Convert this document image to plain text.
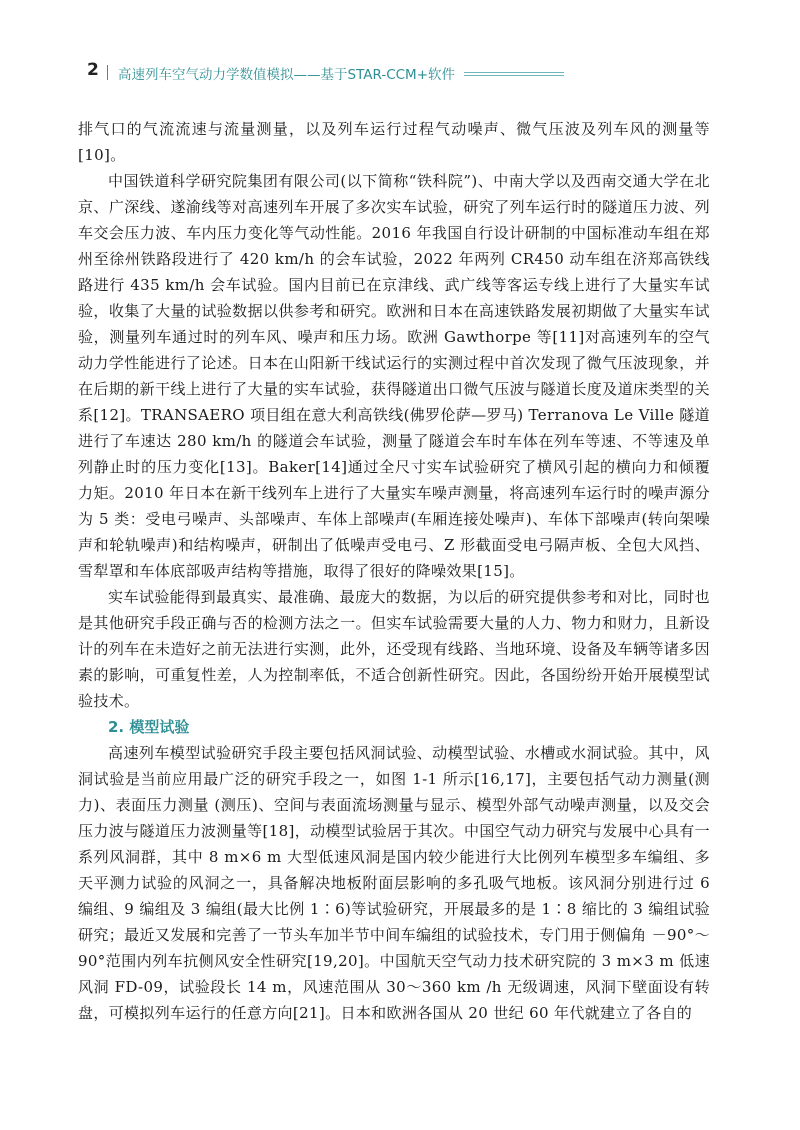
2 高速列车空气动力学数值模拟——基于STAR-CCM+软件

排气口的气流流速与流量测量，以及列车运行过程气动噪声、微气压波及列车风的测量等[10]。

中国铁道科学研究院集团有限公司(以下简称“铁科院”)、中南大学以及西南交通大学在北京、广深线、遂渝线等对高速列车开展了多次实车试验，研究了列车运行时的隧道压力波、列车交会压力波、车内压力变化等气动性能。2016 年我国自行设计研制的中国标准动车组在郑州至徐州铁路段进行了 420 km/h 的会车试验，2022 年两列 CR450 动车组在济郑高铁线路进行 435 km/h 会车试验。国内目前已在京津线、武广线等客运专线上进行了大量实车试验，收集了大量的试验数据以供参考和研究。欧洲和日本在高速铁路发展初期做了大量实车试验，测量列车通过时的列车风、噪声和压力场。欧洲 Gawthorpe 等[11]对高速列车的空气动力学性能进行了论述。日本在山阳新干线试运行的实测过程中首次发现了微气压波现象，并在后期的新干线上进行了大量的实车试验，获得隧道出口微气压波与隧道长度及道床类型的关系[12]。TRANSAERO 项目组在意大利高铁线(佛罗伦萨—罗马) Terranova Le Ville 隧道进行了车速达 280 km/h 的隧道会车试验，测量了隧道会车时车体在列车等速、不等速及单列静止时的压力变化[13]。Baker[14]通过全尺寸实车试验研究了横风引起的横向力和倾覆力矩。2010 年日本在新干线列车上进行了大量实车噪声测量，将高速列车运行时的噪声源分为 5 类：受电弓噪声、头部噪声、车体上部噪声(车厢连接处噪声)、车体下部噪声(转向架噪声和轮轨噪声)和结构噪声，研制出了低噪声受电弓、Z 形截面受电弓隔声板、全包大风挡、雪犁罩和车体底部吸声结构等措施，取得了很好的降噪效果[15]。

实车试验能得到最真实、最准确、最庞大的数据，为以后的研究提供参考和对比，同时也是其他研究手段正确与否的检测方法之一。但实车试验需要大量的人力、物力和财力，且新设计的列车在未造好之前无法进行实测，此外，还受现有线路、当地环境、设备及车辆等诸多因素的影响，可重复性差，人为控制率低，不适合创新性研究。因此，各国纷纷开始开展模型试验技术。

2. 模型试验

高速列车模型试验研究手段主要包括风洞试验、动模型试验、水槽或水洞试验。其中，风洞试验是当前应用最广泛的研究手段之一，如图 1-1 所示[16,17]，主要包括气动力测量(测力)、表面压力测量 (测压)、空间与表面流场测量与显示、模型外部气动噪声测量，以及交会压力波与隧道压力波测量等[18]，动模型试验居于其次。中国空气动力研究与发展中心具有一系列风洞群，其中 8 m×6 m 大型低速风洞是国内较少能进行大比例列车模型多车编组、多天平测力试验的风洞之一，具备解决地板附面层影响的多孔吸气地板。该风洞分别进行过 6 编组、9 编组及 3 编组(最大比例 1∶6)等试验研究，开展最多的是 1∶8 缩比的 3 编组试验研究；最近又发展和完善了一节头车加半节中间车编组的试验技术，专门用于侧偏角 －90°～90°范围内列车抗侧风安全性研究[19,20]。中国航天空气动力技术研究院的 3 m×3 m 低速风洞 FD-09，试验段长 14 m，风速范围从 30～360 km /h 无级调速，风洞下壁面设有转盘，可模拟列车运行的任意方向[21]。日本和欧洲各国从 20 世纪 60 年代就建立了各自的
